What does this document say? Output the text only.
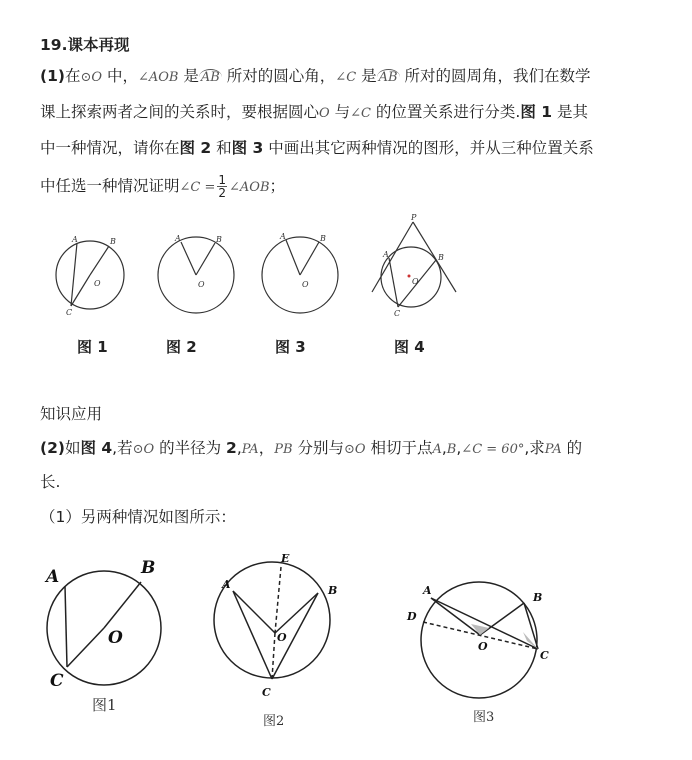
19.课本再现
(1)在⊙O 中，∠AOB 是 AB 所对的圆心角，∠C 是 AB 所对的圆周角，我们在数学
课上探索两者之间的关系时，要根据圆心O 与∠C 的位置关系进行分类.图 1 是其
中一种情况，请你在图 2 和图 3 中画出其它两种情况的图形，并从三种位置关系
中任选一种情况证明∠C = $\frac{1}{2}$ ∠AOB；
A	B
O
C
A	B
O
A	B
O
P
A	B
O
C
A	B
O
C
E
A	B
O
C
A
B
D
O
C
图 1	图 2	图 3	图 4
知识应用
(2)如图 4,若⊙O 的半径为 2,PA，PB 分别与⊙O 相切于点A,B,∠C = 60°,求PA 的
长.
（1）另两种情况如图所示：
图1
图2	图3
